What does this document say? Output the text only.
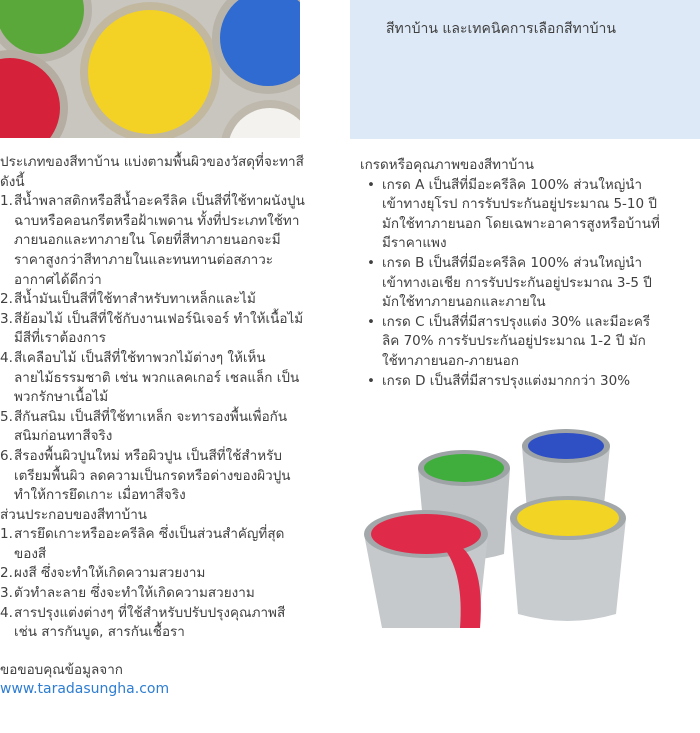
สีทาบ้าน และเทคนิคการเลือกสีทาบ้าน

ประเภทของสีทาบ้าน แบ่งตามพื้นผิวของวัสดุที่จะทาสีดังนี้

1. สีน้ำพลาสติกหรือสีน้ำอะครีลิค เป็นสีที่ใช้ทาผนังปูนฉาบหรือคอนกรีตหรือฝ้าเพดาน ทั้งที่ประเภทใช้ทาภายนอกและทาภายใน โดยที่สีทาภายนอกจะมีราคาสูงกว่าสีทาภายในและทนทานต่อสภาวะอากาศได้ดีกว่า
2. สีน้ำมันเป็นสีที่ใช้ทาสำหรับทาเหล็กและไม้
3. สีย้อมไม้ เป็นสีที่ใช้กับงานเฟอร์นิเจอร์ ทำให้เนื้อไม้มีสีที่เราต้องการ
4. สีเคลือบไม้ เป็นสีที่ใช้ทาพวกไม้ต่างๆ ให้เห็นลายไม้ธรรมชาติ เช่น พวกแลคเกอร์ เชลแล็ก เป็นพวกรักษาเนื้อไม้
5. สีกันสนิม เป็นสีที่ใช้ทาเหล็ก จะทารองพื้นเพื่อกันสนิมก่อนทาสีจริง
6. สีรองพื้นผิวปูนใหม่ หรือผิวปูน เป็นสีที่ใช้สำหรับเตรียมพื้นผิว ลดความเป็นกรดหรือด่างของผิวปูน ทำให้การยึดเกาะ เมื่อทาสีจริง

ส่วนประกอบของสีทาบ้าน

1. สารยึดเกาะหรืออะครีลิค ซึ่งเป็นส่วนสำคัญที่สุดของสี
2. ผงสี ซึ่งจะทำให้เกิดความสวยงาม
3. ตัวทำละลาย ซึ่งจะทำให้เกิดความสวยงาม
4. สารปรุงแต่งต่างๆ ที่ใช้สำหรับปรับปรุงคุณภาพสี เช่น สารกันบูด, สารกันเชื้อรา
ขอขอบคุณข้อมูลจาก
www.taradasungha.com

เกรดหรือคุณภาพของสีทาบ้าน

• เกรด A เป็นสีที่มีอะครีลิค 100% ส่วนใหญ่นำเข้าทางยุโรป การรับประกันอยู่ประมาณ 5-10 ปี มักใช้ทาภายนอก โดยเฉพาะอาคารสูงหรือบ้านที่มีราคาแพง
• เกรด B เป็นสีที่มีอะครีลิค 100% ส่วนใหญ่นำเข้าทางเอเชีย การรับประกันอยู่ประมาณ 3-5 ปี มักใช้ทาภายนอกและภายใน
• เกรด C เป็นสีที่มีสารปรุงแต่ง 30% และมีอะครีลิค 70% การรับประกันอยู่ประมาณ 1-2 ปี มักใช้ทาภายนอก-ภายนอก
• เกรด D เป็นสีที่มีสารปรุงแต่งมากกว่า 30%
